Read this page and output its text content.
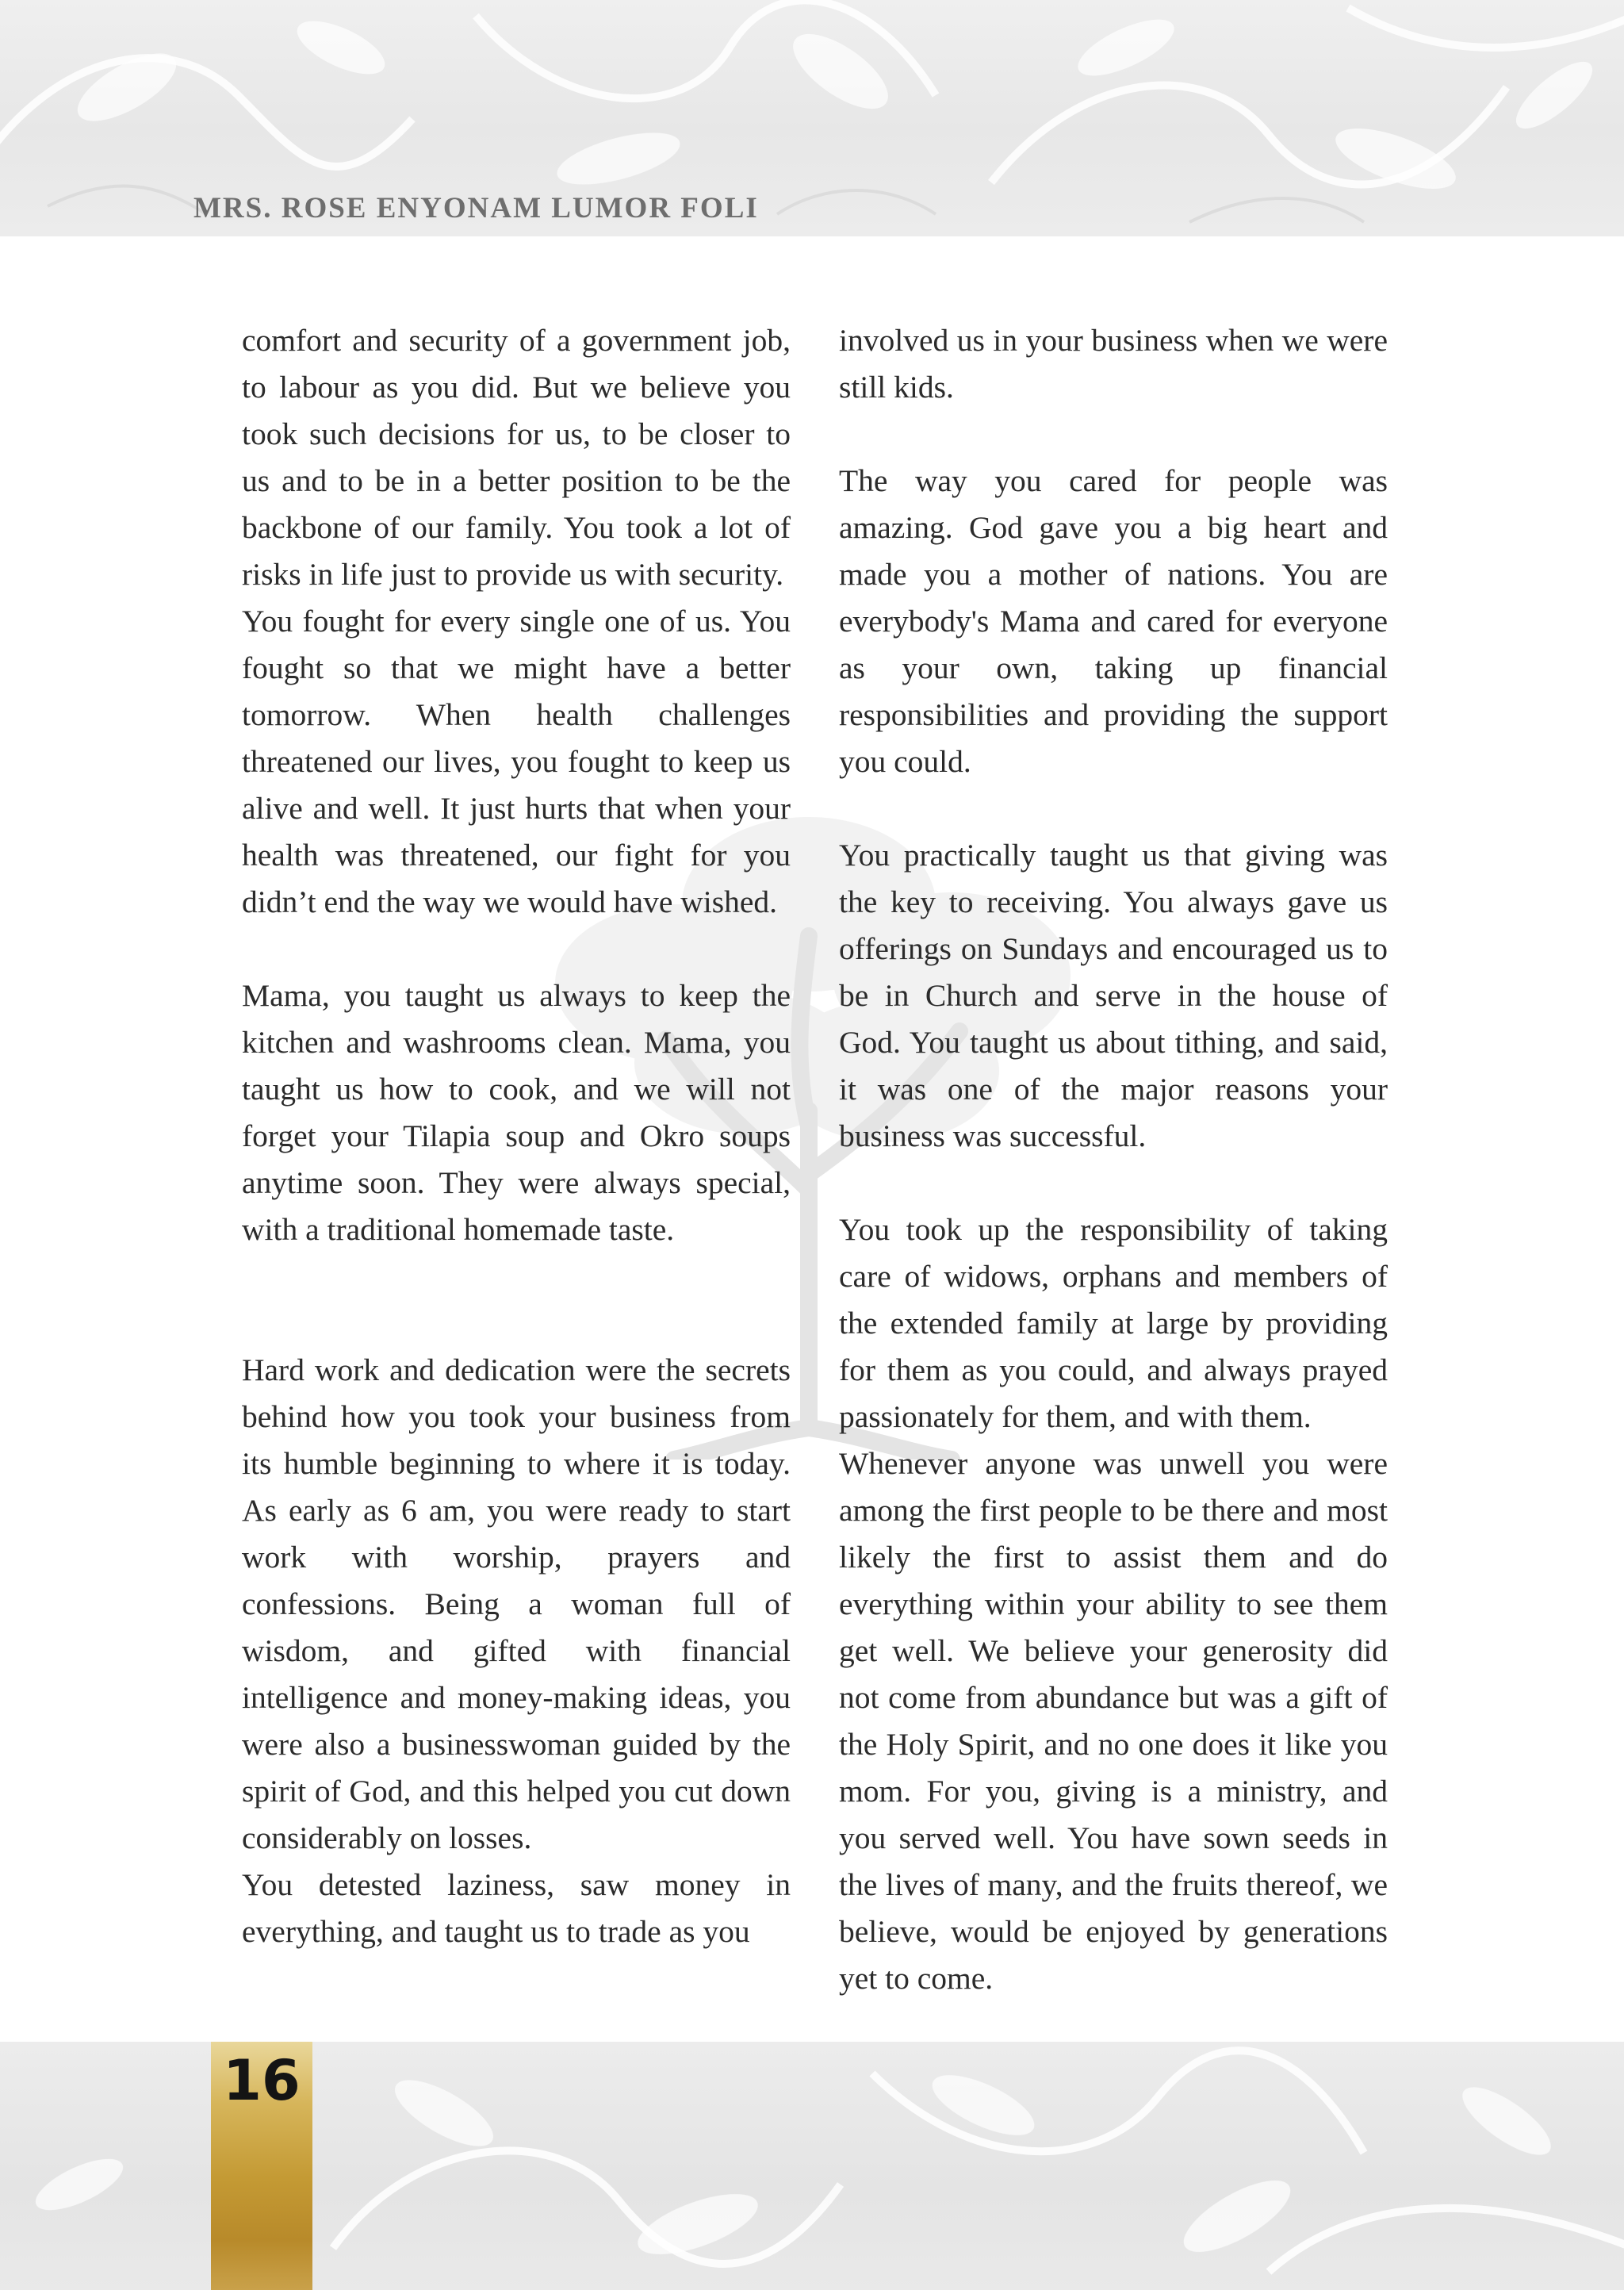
MRS. ROSE ENYONAM LUMOR FOLI

comfort and security of a government job, to labour as you did. But we believe you took such decisions for us, to be closer to us and to be in a better position to be the backbone of our family. You took a lot of risks in life just to provide us with security.

You fought for every single one of us. You fought so that we might have a better tomorrow. When health challenges threatened our lives, you fought to keep us alive and well. It just hurts that when your health was threatened, our fight for you didn’t end the way we would have wished.

Mama, you taught us always to keep the kitchen and washrooms clean. Mama, you taught us how to cook, and we will not forget your Tilapia soup and Okro soups anytime soon. They were always special, with a traditional homemade taste.

Hard work and dedication were the secrets behind how you took your business from its humble beginning to where it is today. As early as 6 am, you were ready to start work with worship, prayers and confessions. Being a woman full of wisdom, and gifted with financial intelligence and money-making ideas, you were also a businesswoman guided by the spirit of God, and this helped you cut down considerably on losses.

You detested laziness, saw money in everything, and taught us to trade as you

involved us in your business when we were still kids.

The way you cared for people was amazing. God gave you a big heart and made you a mother of nations. You are everybody's Mama and cared for everyone as your own, taking up financial responsibilities and providing the support you could.

You practically taught us that giving was the key to receiving. You always gave us offerings on Sundays and encouraged us to be in Church and serve in the house of God. You taught us about tithing, and said, it was one of the major reasons your business was successful.

You took up the responsibility of taking care of widows, orphans and members of the extended family at large by providing for them as you could, and always prayed passionately for them, and with them.

Whenever anyone was unwell you were among the first people to be there and most likely the first to assist them and do everything within your ability to see them get well. We believe your generosity did not come from abundance but was a gift of the Holy Spirit, and no one does it like you mom. For you, giving is a ministry, and you served well. You have sown seeds in the lives of many, and the fruits thereof, we believe, would be enjoyed by generations yet to come.

16
